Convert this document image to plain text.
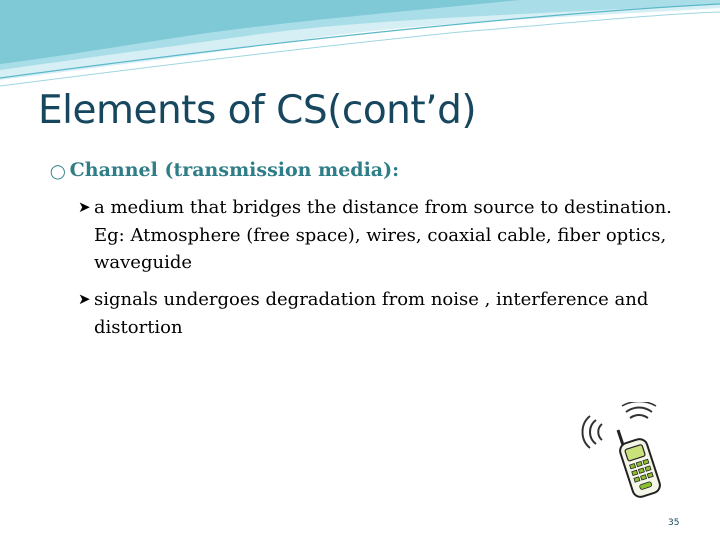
Elements of CS(cont’d)
◯ Channel (transmission media):
➤ a medium that bridges the distance from source to destination. Eg: Atmosphere (free space), wires, coaxial cable, fiber optics, waveguide
➤ signals undergoes degradation from noise , interference and distortion
35
